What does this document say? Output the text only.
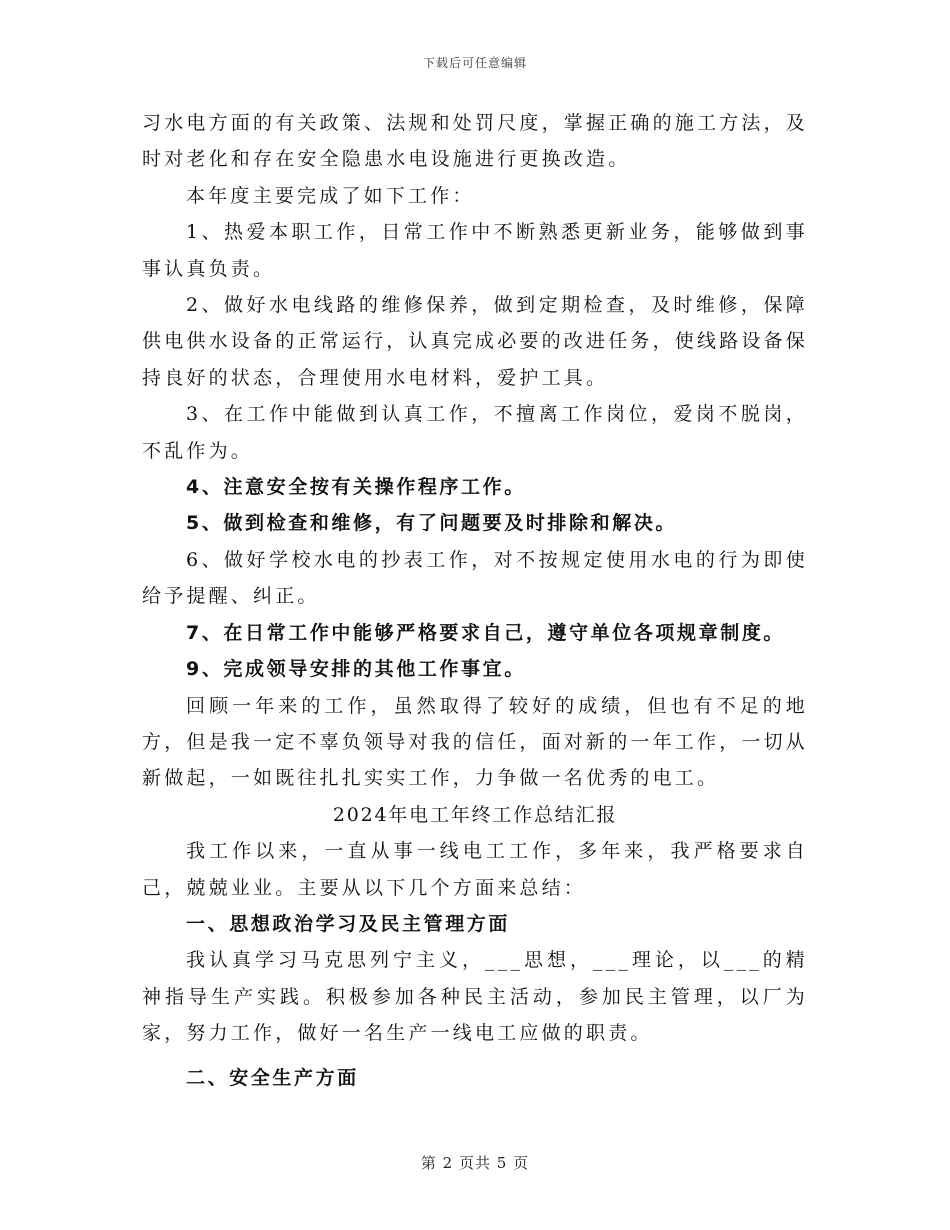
下载后可任意编辑

习水电方面的有关政策、法规和处罚尺度，掌握正确的施工方法，及时对老化和存在安全隐患水电设施进行更换改造。

本年度主要完成了如下工作：

1、热爱本职工作，日常工作中不断熟悉更新业务，能够做到事事认真负责。

2、做好水电线路的维修保养，做到定期检查，及时维修，保障供电供水设备的正常运行，认真完成必要的改进任务，使线路设备保持良好的状态，合理使用水电材料，爱护工具。

3、在工作中能做到认真工作，不擅离工作岗位，爱岗不脱岗，不乱作为。

4、注意安全按有关操作程序工作。

5、做到检查和维修，有了问题要及时排除和解决。

6、做好学校水电的抄表工作，对不按规定使用水电的行为即使给予提醒、纠正。

7、在日常工作中能够严格要求自己，遵守单位各项规章制度。

9、完成领导安排的其他工作事宜。

回顾一年来的工作，虽然取得了较好的成绩，但也有不足的地方，但是我一定不辜负领导对我的信任，面对新的一年工作，一切从新做起，一如既往扎扎实实工作，力争做一名优秀的电工。

2024年电工年终工作总结汇报

我工作以来，一直从事一线电工工作，多年来，我严格要求自己，兢兢业业。主要从以下几个方面来总结：

一、思想政治学习及民主管理方面

我认真学习马克思列宁主义，___思想，___理论，以___的精神指导生产实践。积极参加各种民主活动，参加民主管理，以厂为家，努力工作，做好一名生产一线电工应做的职责。

二、安全生产方面

第 2 页共 5 页
